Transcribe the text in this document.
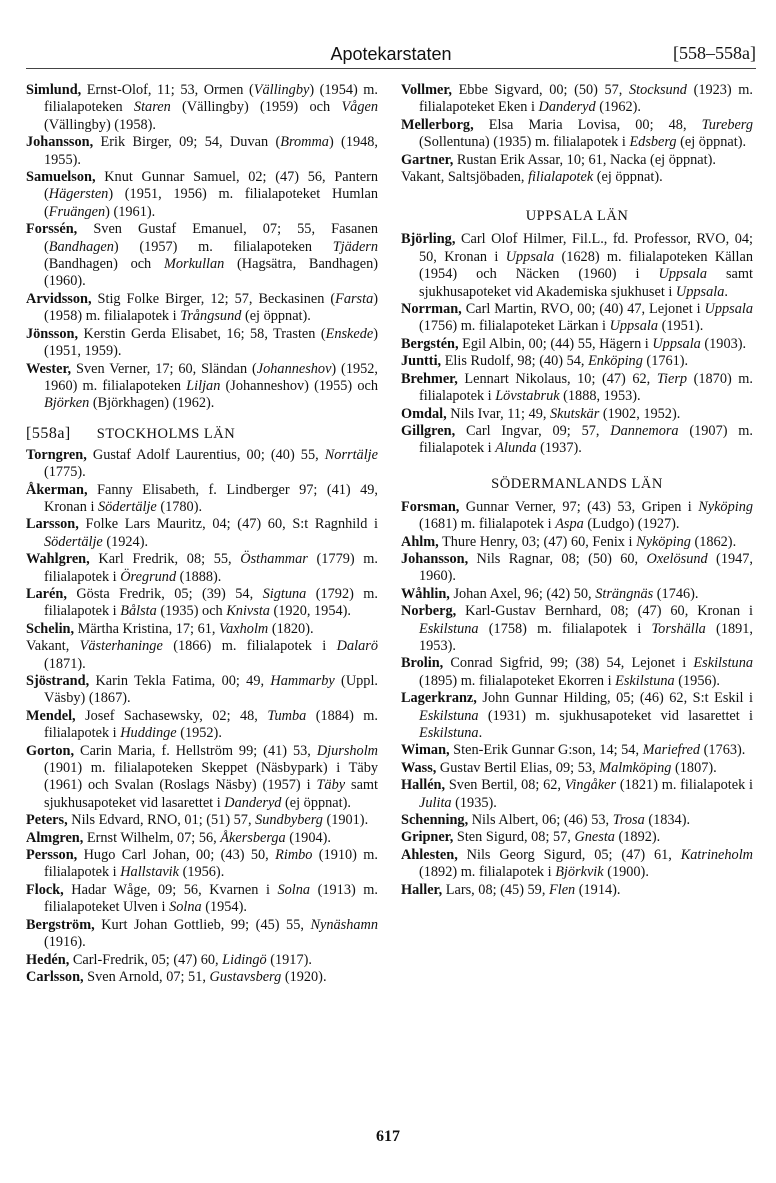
Apotekarstaten	[558–558a]

Simlund, Ernst-Olof, 11; 53, Ormen (Vällingby) (1954) m. filialapoteken Staren (Vällingby) (1959) och Vågen (Vällingby) (1958).

Johansson, Erik Birger, 09; 54, Duvan (Bromma) (1948, 1955).

Samuelson, Knut Gunnar Samuel, 02; (47) 56, Pantern (Hägersten) (1951, 1956) m. filialapoteket Humlan (Fruängen) (1961).

Forssén, Sven Gustaf Emanuel, 07; 55, Fasanen (Bandhagen) (1957) m. filialapoteken Tjädern (Bandhagen) och Morkullan (Hagsätra, Bandhagen) (1960).

Arvidsson, Stig Folke Birger, 12; 57, Beckasinen (Farsta) (1958) m. filialapotek i Trångsund (ej öppnat).

Jönsson, Kerstin Gerda Elisabet, 16; 58, Trasten (Enskede) (1951, 1959).

Wester, Sven Verner, 17; 60, Sländan (Johanneshov) (1952, 1960) m. filialapoteken Liljan (Johanneshov) (1955) och Björken (Björkhagen) (1962).

[558a] STOCKHOLMS LÄN

Torngren, Gustaf Adolf Laurentius, 00; (40) 55, Norrtälje (1775).

Åkerman, Fanny Elisabeth, f. Lindberger 97; (41) 49, Kronan i Södertälje (1780).

Larsson, Folke Lars Mauritz, 04; (47) 60, S:t Ragnhild i Södertälje (1924).

Wahlgren, Karl Fredrik, 08; 55, Östhammar (1779) m. filialapotek i Öregrund (1888).

Larén, Gösta Fredrik, 05; (39) 54, Sigtuna (1792) m. filialapotek i Bålsta (1935) och Knivsta (1920, 1954).

Schelin, Märtha Kristina, 17; 61, Vaxholm (1820).

Vakant, Västerhaninge (1866) m. filialapotek i Dalarö (1871).

Sjöstrand, Karin Tekla Fatima, 00; 49, Hammarby (Uppl. Väsby) (1867).

Mendel, Josef Sachasewsky, 02; 48, Tumba (1884) m. filialapotek i Huddinge (1952).

Gorton, Carin Maria, f. Hellström 99; (41) 53, Djursholm (1901) m. filialapoteken Skeppet (Näsbypark) i Täby (1961) och Svalan (Roslags Näsby) (1957) i Täby samt sjukhusapoteket vid lasarettet i Danderyd (ej öppnat).

Peters, Nils Edvard, RNO, 01; (51) 57, Sundbyberg (1901).

Almgren, Ernst Wilhelm, 07; 56, Åkersberga (1904).

Persson, Hugo Carl Johan, 00; (43) 50, Rimbo (1910) m. filialapotek i Hallstavik (1956).

Flock, Hadar Wåge, 09; 56, Kvarnen i Solna (1913) m. filialapoteket Ulven i Solna (1954).

Bergström, Kurt Johan Gottlieb, 99; (45) 55, Nynäshamn (1916).

Hedén, Carl-Fredrik, 05; (47) 60, Lidingö (1917).

Carlsson, Sven Arnold, 07; 51, Gustavsberg (1920).

Vollmer, Ebbe Sigvard, 00; (50) 57, Stocksund (1923) m. filialapoteket Eken i Danderyd (1962).

Mellerborg, Elsa Maria Lovisa, 00; 48, Tureberg (Sollentuna) (1935) m. filialapotek i Edsberg (ej öppnat).

Gartner, Rustan Erik Assar, 10; 61, Nacka (ej öppnat).

Vakant, Saltsjöbaden, filialapotek (ej öppnat).

UPPSALA LÄN

Björling, Carl Olof Hilmer, Fil.L., fd. Professor, RVO, 04; 50, Kronan i Uppsala (1628) m. filialapoteken Källan (1954) och Näcken (1960) i Uppsala samt sjukhusapoteket vid Akademiska sjukhuset i Uppsala.

Norrman, Carl Martin, RVO, 00; (40) 47, Lejonet i Uppsala (1756) m. filialapoteket Lärkan i Uppsala (1951).

Bergstén, Egil Albin, 00; (44) 55, Hägern i Uppsala (1903).

Juntti, Elis Rudolf, 98; (40) 54, Enköping (1761).

Brehmer, Lennart Nikolaus, 10; (47) 62, Tierp (1870) m. filialapotek i Lövstabruk (1888, 1953).

Omdal, Nils Ivar, 11; 49, Skutskär (1902, 1952).

Gillgren, Carl Ingvar, 09; 57, Dannemora (1907) m. filialapotek i Alunda (1937).

SÖDERMANLANDS LÄN

Forsman, Gunnar Verner, 97; (43) 53, Gripen i Nyköping (1681) m. filialapotek i Aspa (Ludgo) (1927).

Ahlm, Thure Henry, 03; (47) 60, Fenix i Nyköping (1862).

Johansson, Nils Ragnar, 08; (50) 60, Oxelösund (1947, 1960).

Wåhlin, Johan Axel, 96; (42) 50, Strängnäs (1746).

Norberg, Karl-Gustav Bernhard, 08; (47) 60, Kronan i Eskilstuna (1758) m. filialapotek i Torshälla (1891, 1953).

Brolin, Conrad Sigfrid, 99; (38) 54, Lejonet i Eskilstuna (1895) m. filialapoteket Ekorren i Eskilstuna (1956).

Lagerkranz, John Gunnar Hilding, 05; (46) 62, S:t Eskil i Eskilstuna (1931) m. sjukhusapoteket vid lasarettet i Eskilstuna.

Wiman, Sten-Erik Gunnar G:son, 14; 54, Mariefred (1763).

Wass, Gustav Bertil Elias, 09; 53, Malmköping (1807).

Hallén, Sven Bertil, 08; 62, Vingåker (1821) m. filialapotek i Julita (1935).

Schenning, Nils Albert, 06; (46) 53, Trosa (1834).

Gripner, Sten Sigurd, 08; 57, Gnesta (1892).

Ahlesten, Nils Georg Sigurd, 05; (47) 61, Katrineholm (1892) m. filialapotek i Björkvik (1900).

Haller, Lars, 08; (45) 59, Flen (1914).

617
